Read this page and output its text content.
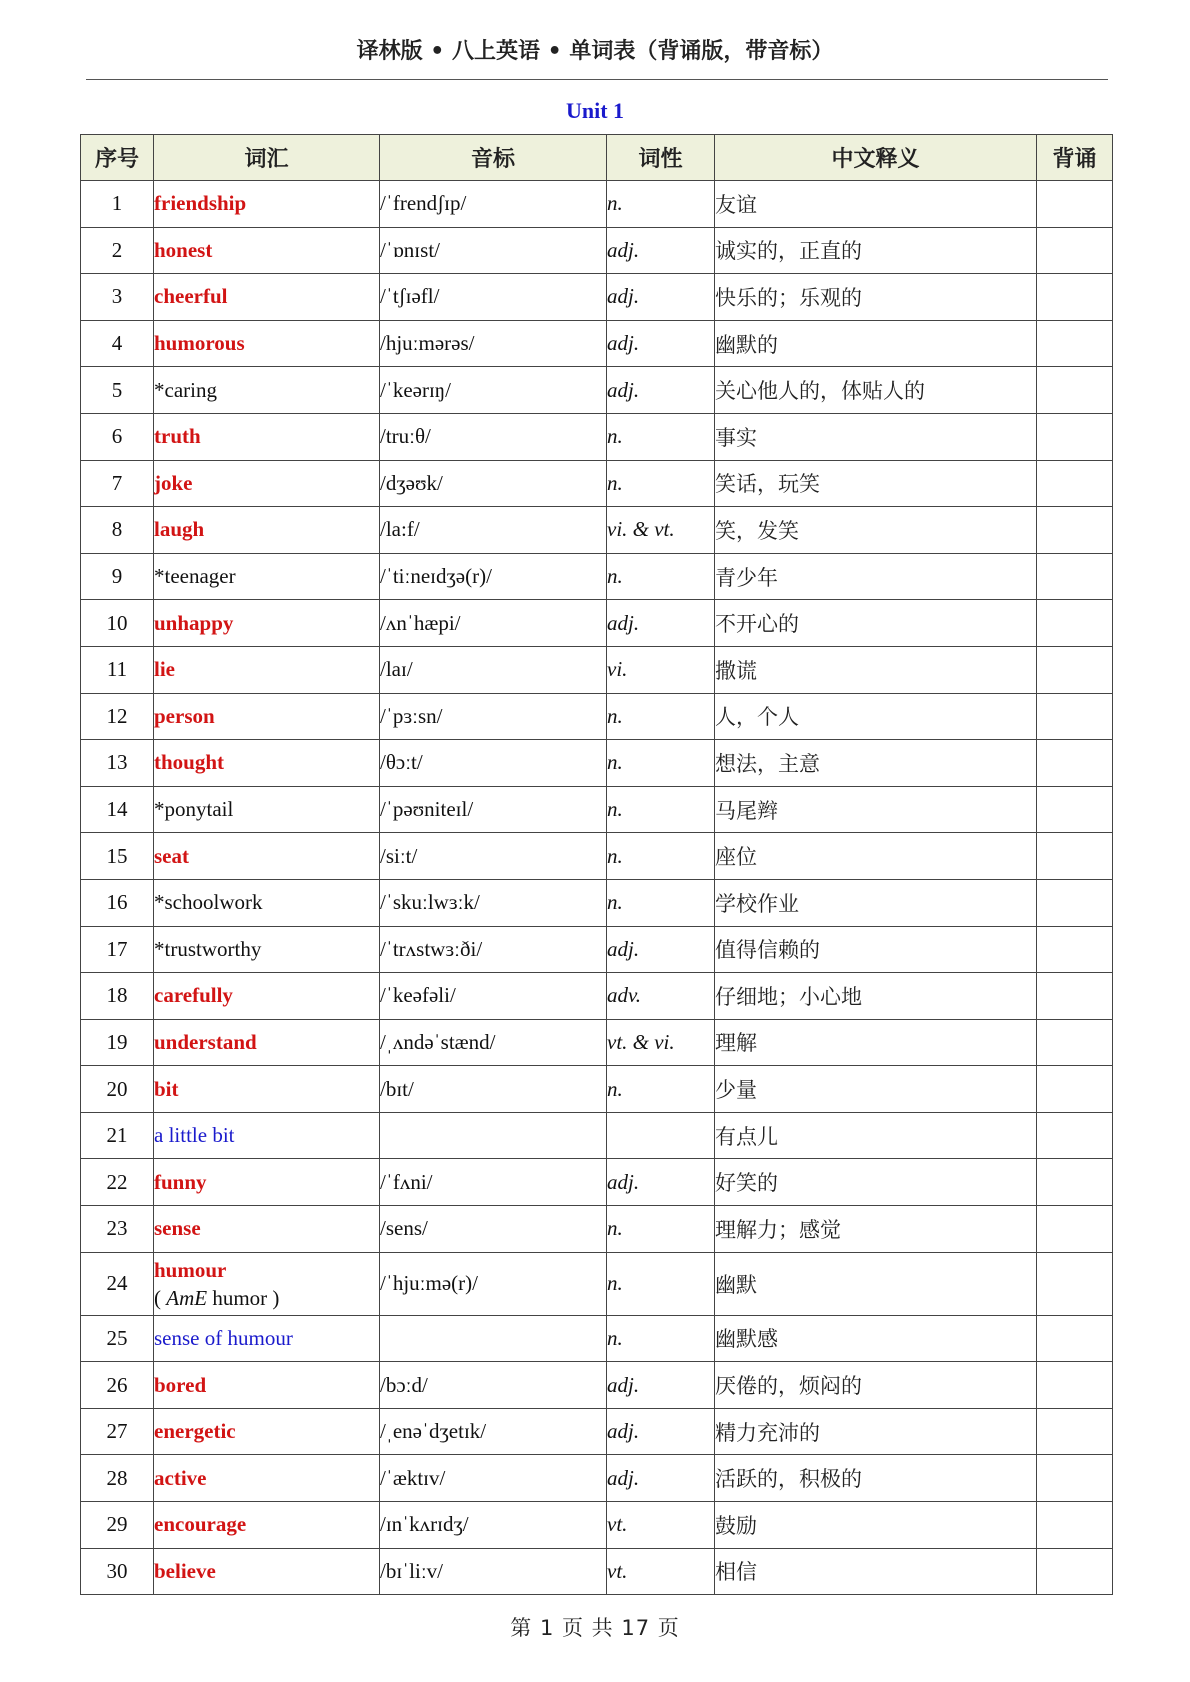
译林版 • 八上英语 • 单词表（背诵版，带音标）
Unit 1
序号	词汇	音标	词性	中文释义	背诵
1	friendship	/ˈfrendʃɪp/	n.	友谊	
2	honest	/ˈɒnɪst/	adj.	诚实的，正直的	
3	cheerful	/ˈtʃɪəfl/	adj.	快乐的；乐观的	
4	humorous	/hjuːmərəs/	adj.	幽默的	
5	*caring	/ˈkeərɪŋ/	adj.	关心他人的，体贴人的	
6	truth	/truːθ/	n.	事实	
7	joke	/dʒəʊk/	n.	笑话，玩笑	
8	laugh	/la:f/	vi. & vt.	笑，发笑	
9	*teenager	/ˈtiːneɪdʒə(r)/	n.	青少年	
10	unhappy	/ʌnˈhæpi/	adj.	不开心的	
11	lie	/laɪ/	vi.	撒谎	
12	person	/ˈpɜːsn/	n.	人，个人	
13	thought	/θɔːt/	n.	想法，主意	
14	*ponytail	/ˈpəʊniteɪl/	n.	马尾辫	
15	seat	/siːt/	n.	座位	
16	*schoolwork	/ˈskuːlwɜːk/	n.	学校作业	
17	*trustworthy	/ˈtrʌstwɜːði/	adj.	值得信赖的	
18	carefully	/ˈkeəfəli/	adv.	仔细地；小心地	
19	understand	/ˌʌndəˈstænd/	vt. & vi.	理解	
20	bit	/bɪt/	n.	少量	
21	a little bit			有点儿	
22	funny	/ˈfʌni/	adj.	好笑的	
23	sense	/sens/	n.	理解力；感觉	
24	humour
( AmE humor )	/ˈhjuːmə(r)/	n.	幽默	
25	sense of humour		n.	幽默感	
26	bored	/bɔːd/	adj.	厌倦的，烦闷的	
27	energetic	/ˌenəˈdʒetɪk/	adj.	精力充沛的	
28	active	/ˈæktɪv/	adj.	活跃的，积极的	
29	encourage	/ɪnˈkʌrɪdʒ/	vt.	鼓励	
30	believe	/bɪˈliːv/	vt.	相信	
第 1 页 共 17 页
